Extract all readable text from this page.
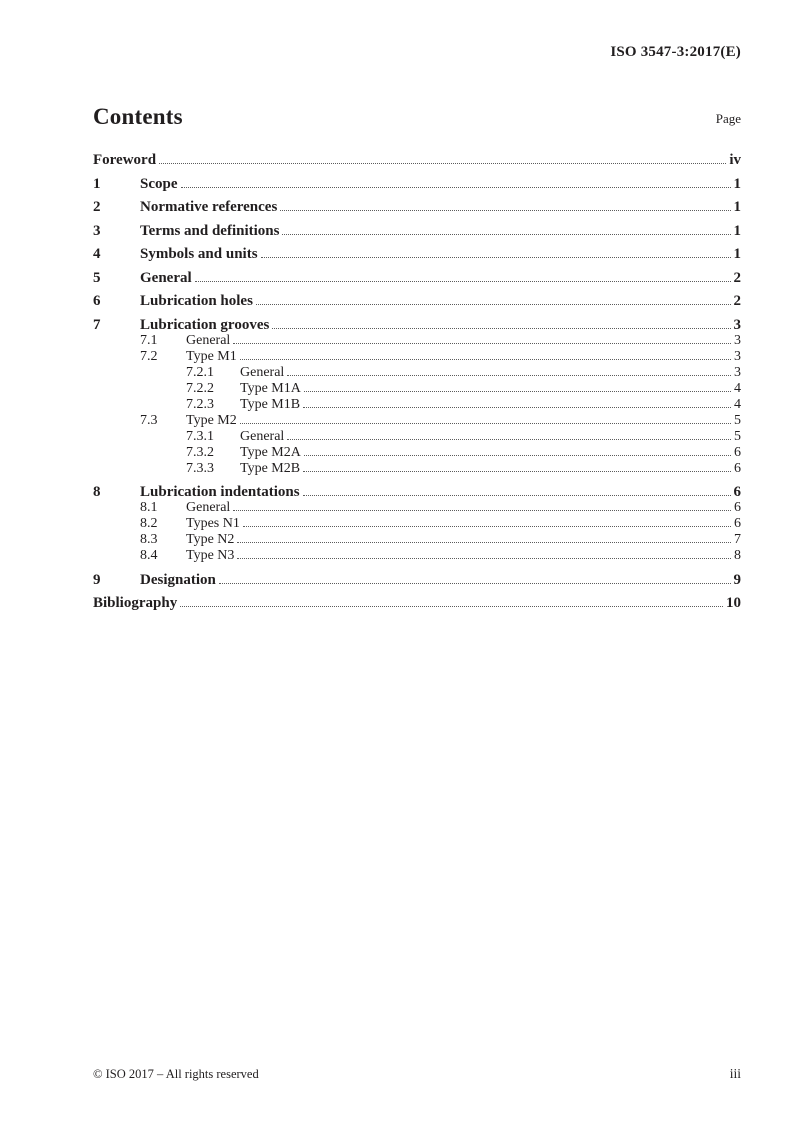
ISO 3547-3:2017(E)
Contents	Page
Foreword	iv
1	Scope	1
2	Normative references	1
3	Terms and definitions	1
4	Symbols and units	1
5	General	2
6	Lubrication holes	2
7	Lubrication grooves	3
7.1	General	3
7.2	Type M1	3
7.2.1	General	3
7.2.2	Type M1A	4
7.2.3	Type M1B	4
7.3	Type M2	5
7.3.1	General	5
7.3.2	Type M2A	6
7.3.3	Type M2B	6
8	Lubrication indentations	6
8.1	General	6
8.2	Types N1	6
8.3	Type N2	7
8.4	Type N3	8
9	Designation	9
Bibliography	10
© ISO 2017 – All rights reserved	iii
